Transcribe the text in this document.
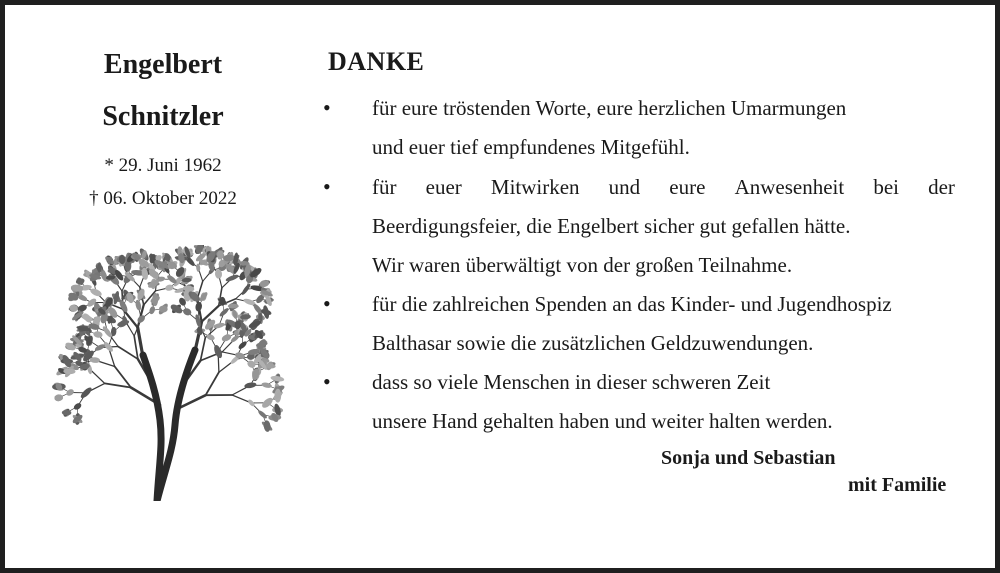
Engelbert
Schnitzler
* 29. Juni 1962
† 06. Oktober 2022
DANKE
• für eure tröstenden Worte, eure herzlichen Umarmungen
und euer tief empfundenes Mitgefühl.
• für euer Mitwirken und eure Anwesenheit bei der
Beerdigungsfeier, die Engelbert sicher gut gefallen hätte.
Wir waren überwältigt von der großen Teilnahme.
• für die zahlreichen Spenden an das Kinder- und Jugendhospiz
Balthasar sowie die zusätzlichen Geldzuwendungen.
• dass so viele Menschen in dieser schweren Zeit
unsere Hand gehalten haben und weiter halten werden.
Sonja und Sebastian
mit Familie
